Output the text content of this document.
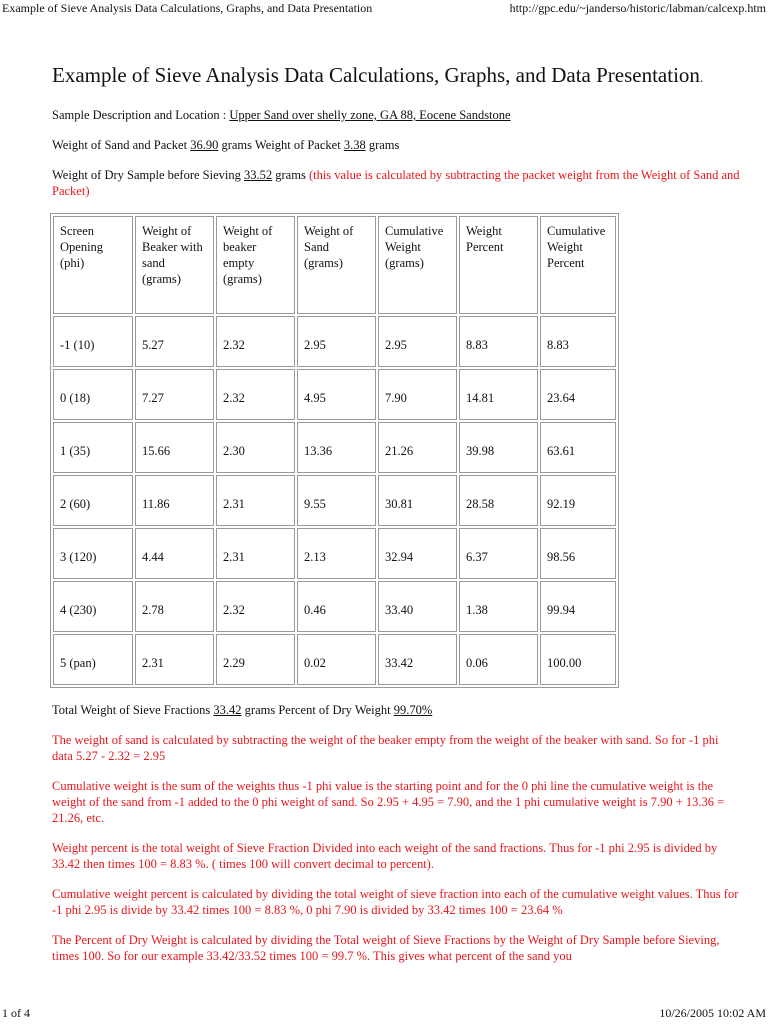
Example of Sieve Analysis Data Calculations, Graphs, and Data Presentation	http://gpc.edu/~janderso/historic/labman/calcexp.htm
Example of Sieve Analysis Data Calculations, Graphs, and Data Presentation.

Sample Description and Location : Upper Sand over shelly zone, GA 88, Eocene Sandstone

Weight of Sand and Packet 36.90 grams Weight of Packet 3.38 grams

Weight of Dry Sample before Sieving 33.52 grams (this value is calculated by subtracting the packet weight from the Weight of Sand and Packet)

Screen Opening (phi)	Weight of Beaker with sand (grams)	Weight of beaker empty (grams)	Weight of Sand (grams)	Cumulative Weight (grams)	Weight Percent	Cumulative Weight Percent
-1 (10)	5.27	2.32	2.95	2.95	8.83	8.83
0 (18)	7.27	2.32	4.95	7.90	14.81	23.64
1 (35)	15.66	2.30	13.36	21.26	39.98	63.61
2 (60)	11.86	2.31	9.55	30.81	28.58	92.19
3 (120)	4.44	2.31	2.13	32.94	6.37	98.56
4 (230)	2.78	2.32	0.46	33.40	1.38	99.94
5 (pan)	2.31	2.29	0.02	33.42	0.06	100.00

Total Weight of Sieve Fractions 33.42 grams Percent of Dry Weight 99.70%

The weight of sand is calculated by subtracting the weight of the beaker empty from the weight of the beaker with sand. So for -1 phi data 5.27 - 2.32 = 2.95

Cumulative weight is the sum of the weights thus -1 phi value is the starting point and for the 0 phi line the cumulative weight is the weight of the sand from -1 added to the 0 phi weight of sand. So 2.95 + 4.95 = 7.90, and the 1 phi cumulative weight is 7.90 + 13.36 = 21.26, etc.

Weight percent is the total weight of Sieve Fraction Divided into each weight of the sand fractions. Thus for -1 phi 2.95 is divided by 33.42 then times 100 = 8.83 %. ( times 100 will convert decimal to percent).

Cumulative weight percent is calculated by dividing the total weight of sieve fraction into each of the cumulative weight values. Thus for -1 phi 2.95 is divide by 33.42 times 100 = 8.83 %, 0 phi 7.90 is divided by 33.42 times 100 = 23.64 %

The Percent of Dry Weight is calculated by dividing the Total weight of Sieve Fractions by the Weight of Dry Sample before Sieving, times 100. So for our example 33.42/33.52 times 100 = 99.7 %. This gives what percent of the sand you

1 of 4	10/26/2005 10:02 AM
